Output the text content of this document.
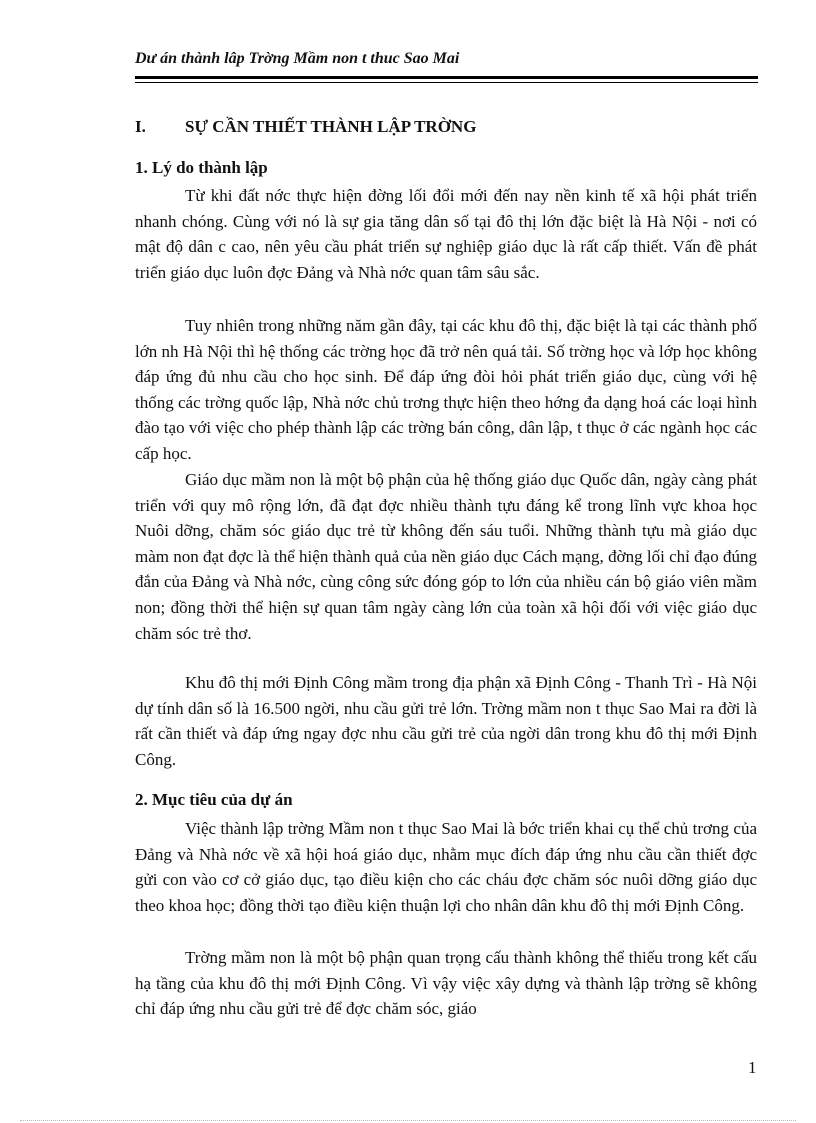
Dư án thành lâp Trờng Mầm non t thuc Sao Mai
I. SỰ CẦN THIẾT THÀNH LẬP TRỜNG
1. Lý do thành lập

Từ khi đất nớc thực hiện đờng lối đổi mới đến nay nền kinh tế xã hội phát triển nhanh chóng. Cùng với nó là sự gia tăng dân số tại đô thị lớn đặc biệt là Hà Nội - nơi có mật độ dân c cao, nên yêu cầu phát triển sự nghiệp giáo dục là rất cấp thiết. Vấn đề phát triển giáo dục luôn đợc Đảng và Nhà nớc quan tâm sâu sắc.

Tuy nhiên trong những năm gần đây, tại các khu đô thị, đặc biệt là tại các thành phố lớn nh Hà Nội thì hệ thống các trờng học đã trở nên quá tải. Số trờng học và lớp học không đáp ứng đủ nhu cầu cho học sinh. Để đáp ứng đòi hỏi phát triển giáo dục, cùng với hệ thống các trờng quốc lập, Nhà nớc chủ trơng thực hiện theo hớng đa dạng hoá các loại hình đào tạo với việc cho phép thành lập các trờng bán công, dân lập, t thục ở các ngành học các cấp học.

Giáo dục mầm non là một bộ phận của hệ thống giáo dục Quốc dân, ngày càng phát triển với quy mô rộng lớn, đã đạt đợc nhiều thành tựu đáng kể trong lĩnh vực khoa học Nuôi dỡng, chăm sóc giáo dục trẻ từ không đến sáu tuổi. Những thành tựu mà giáo dục màm non đạt đợc là thể hiện thành quả của nền giáo dục Cách mạng, đờng lối chỉ đạo đúng đắn của Đảng và Nhà nớc, cùng công sức đóng góp to lớn của nhiều cán bộ giáo viên mầm non; đồng thời thể hiện sự quan tâm ngày càng lớn của toàn xã hội đối với việc giáo dục chăm sóc trẻ thơ.

Khu đô thị mới Định Công mầm trong địa phận xã Định Công - Thanh Trì - Hà Nội dự tính dân số là 16.500 ngời, nhu cầu gửi trẻ lớn. Trờng mầm non t thục Sao Mai ra đời là rất cần thiết và đáp ứng ngay đợc nhu cầu gửi trẻ của ngời dân trong khu đô thị mới Định Công.

2. Mục tiêu của dự án

Việc thành lập trờng Mầm non t thục Sao Mai là bớc triển khai cụ thể chủ trơng của Đảng và Nhà nớc về xã hội hoá giáo dục, nhằm mục đích đáp ứng nhu cầu cần thiết đợc gửi con vào cơ cở giáo dục, tạo điều kiện cho các cháu đợc chăm sóc nuôi dỡng giáo dục theo khoa học; đồng thời tạo điều kiện thuận lợi cho nhân dân khu đô thị mới Định Công.

Trờng mầm non là một bộ phận quan trọng cấu thành không thể thiếu trong kết cấu hạ tầng của khu đô thị mới Định Công. Vì vậy việc xây dựng và thành lập trờng sẽ không chỉ đáp ứng nhu cầu gửi trẻ để đợc chăm sóc, giáo

1
